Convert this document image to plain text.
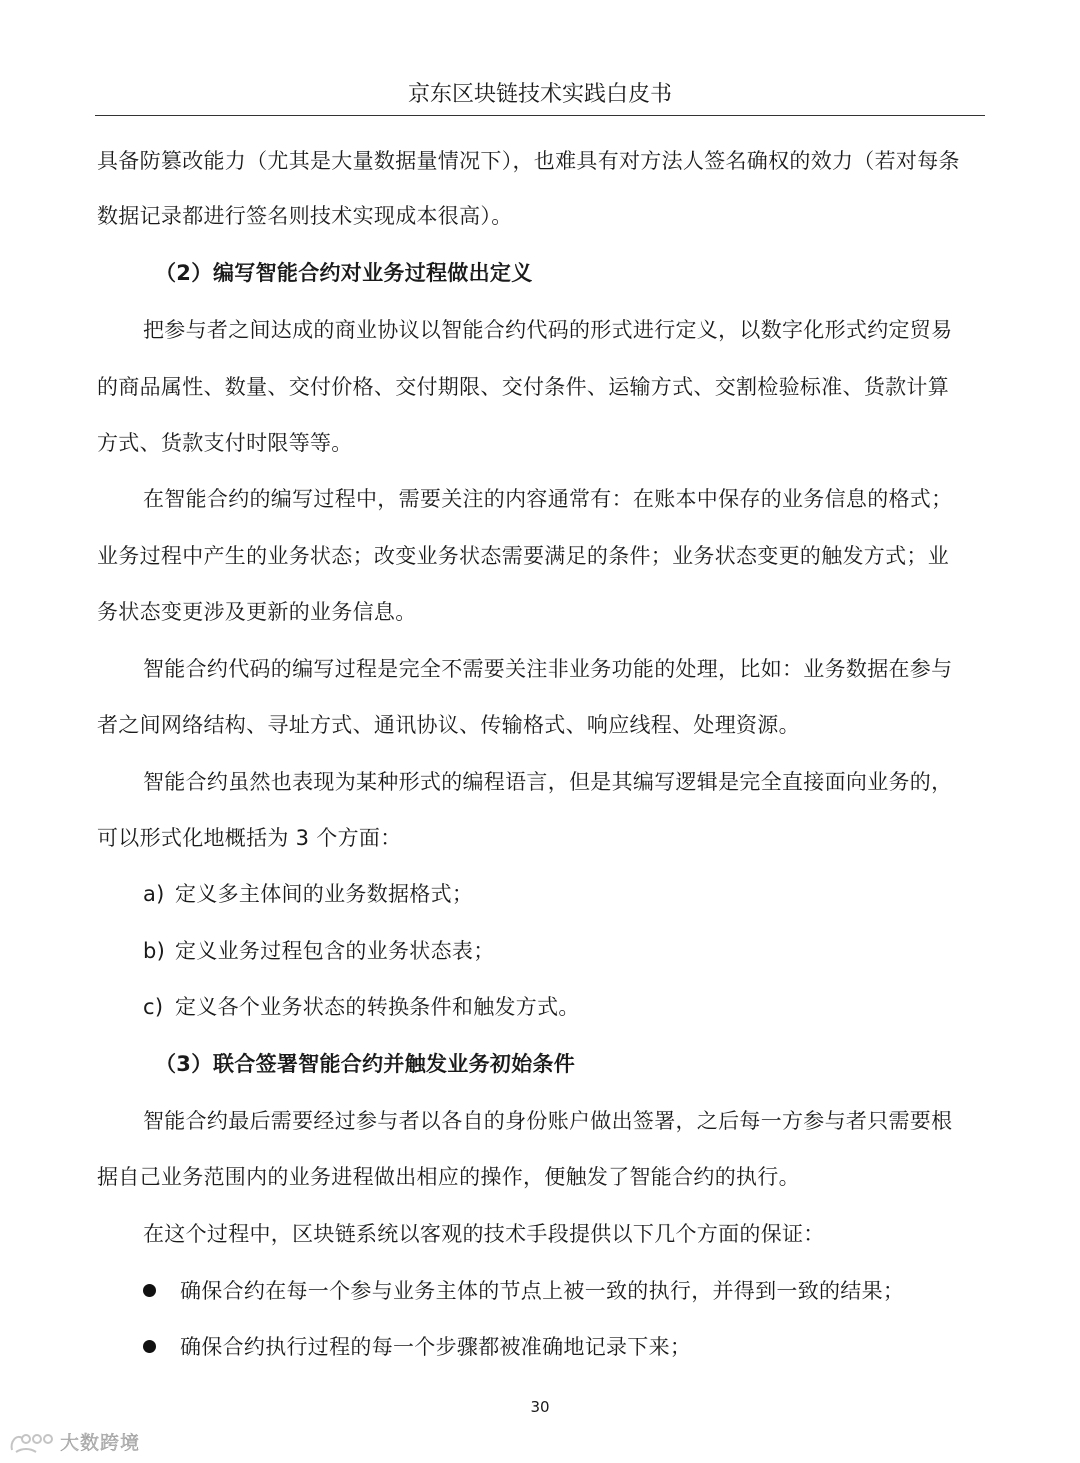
京东区块链技术实践白皮书
具备防篡改能力（尤其是大量数据量情况下），也难具有对方法人签名确权的效力（若对每条
数据记录都进行签名则技术实现成本很高）。
（2）编写智能合约对业务过程做出定义
把参与者之间达成的商业协议以智能合约代码的形式进行定义，以数字化形式约定贸易
的商品属性、数量、交付价格、交付期限、交付条件、运输方式、交割检验标准、货款计算
方式、货款支付时限等等。
在智能合约的编写过程中，需要关注的内容通常有：在账本中保存的业务信息的格式；
业务过程中产生的业务状态；改变业务状态需要满足的条件；业务状态变更的触发方式；业
务状态变更涉及更新的业务信息。
智能合约代码的编写过程是完全不需要关注非业务功能的处理，比如：业务数据在参与
者之间网络结构、寻址方式、通讯协议、传输格式、响应线程、处理资源。
智能合约虽然也表现为某种形式的编程语言，但是其编写逻辑是完全直接面向业务的，
可以形式化地概括为 3 个方面：
a) 定义多主体间的业务数据格式；
b) 定义业务过程包含的业务状态表；
c) 定义各个业务状态的转换条件和触发方式。
（3）联合签署智能合约并触发业务初始条件
智能合约最后需要经过参与者以各自的身份账户做出签署，之后每一方参与者只需要根
据自己业务范围内的业务进程做出相应的操作，便触发了智能合约的执行。
在这个过程中，区块链系统以客观的技术手段提供以下几个方面的保证：
确保合约在每一个参与业务主体的节点上被一致的执行，并得到一致的结果；
确保合约执行过程的每一个步骤都被准确地记录下来；
30
大数跨境
